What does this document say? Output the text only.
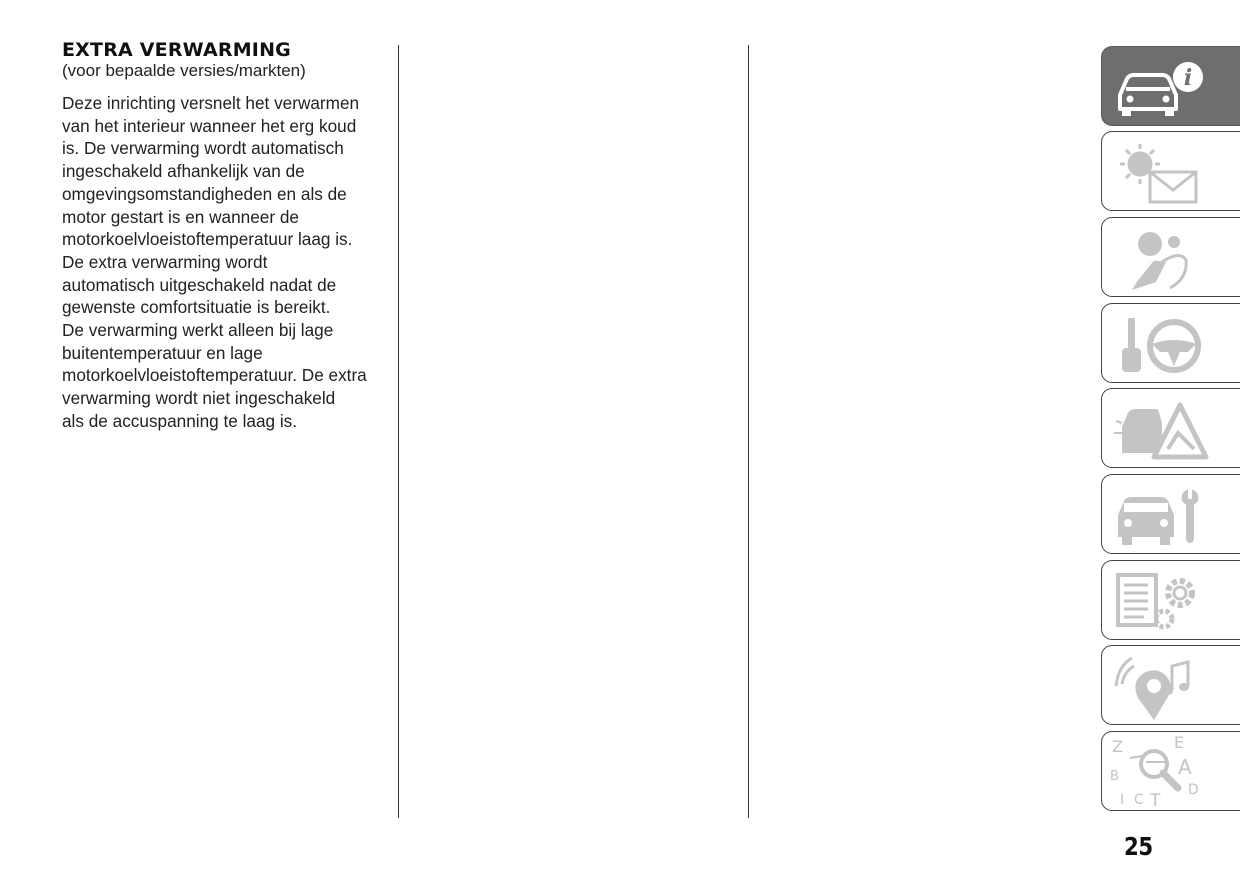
EXTRA VERWARMING
(voor bepaalde versies/markten)
Deze inrichting versnelt het verwarmen
van het interieur wanneer het erg koud
is. De verwarming wordt automatisch
ingeschakeld afhankelijk van de
omgevingsomstandigheden en als de
motor gestart is en wanneer de
motorkoelvloeistoftemperatuur laag is.
De extra verwarming wordt
automatisch uitgeschakeld nadat de
gewenste comfortsituatie is bereikt.
De verwarming werkt alleen bij lage
buitentemperatuur en lage
motorkoelvloeistoftemperatuur. De extra
verwarming wordt niet ingeschakeld
als de accuspanning te laag is.
i
Z	E
B	A
C T
D
I
25
